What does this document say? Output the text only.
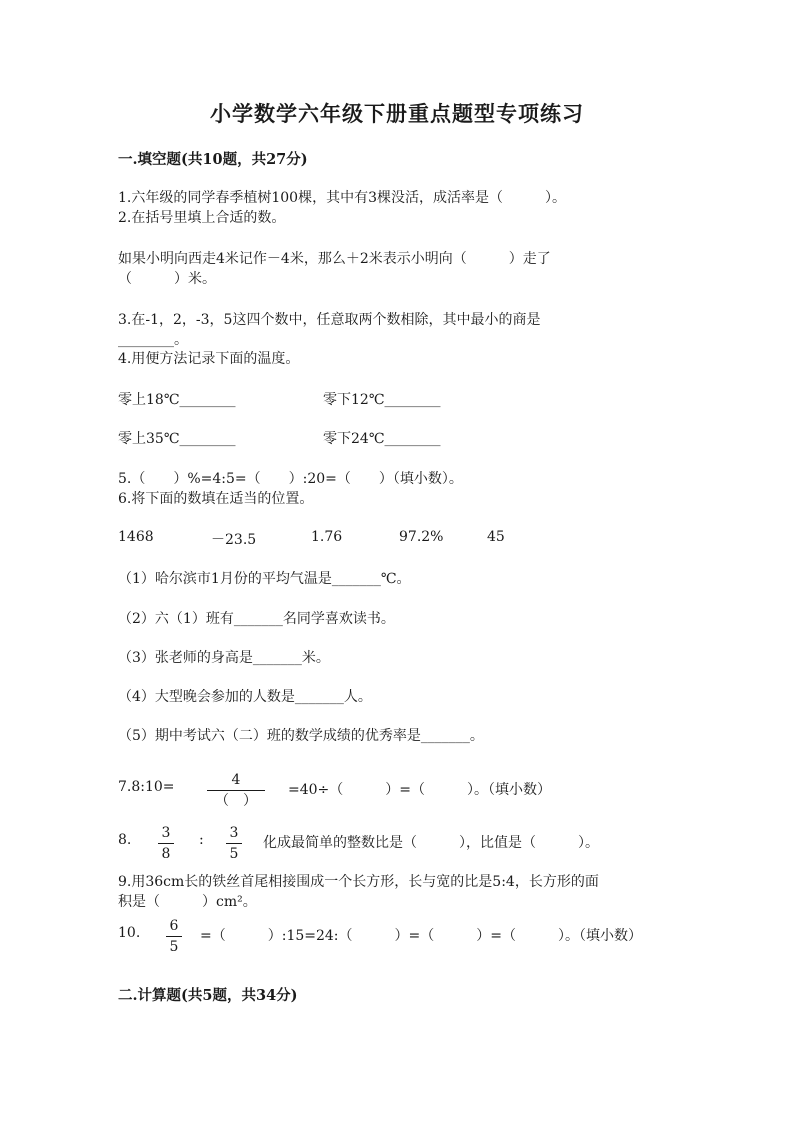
小学数学六年级下册重点题型专项练习
一.填空题(共10题，共27分)
1.六年级的同学春季植树100棵，其中有3棵没活，成活率是（　　　）。
2.在括号里填上合适的数。
如果小明向西走4米记作－4米，那么＋2米表示小明向（　　　）走了
（　　　）米。
3.在-1，2，-3，5这四个数中，任意取两个数相除，其中最小的商是
________。
4.用便方法记录下面的温度。
零上18℃________	零下12℃________
零上35℃________	零下24℃________
5.（　　）%=4:5=（　　）:20=（　　）（填小数）。
6.将下面的数填在适当的位置。
1468	－23.5	1.76	97.2%	45
（1）哈尔滨市1月份的平均气温是_______℃。
（2）六（1）班有_______名同学喜欢读书。
（3）张老师的身高是_______米。
（4）大型晚会参加的人数是_______人。
（5）期中考试六（二）班的数学成绩的优秀率是_______。
7.8:10=	4
（　）
=40÷（　　　）=（　　　）。（填小数）
8. 3
8
: 3
5
化成最简单的整数比是（　　　），比值是（　　　）。
9.用36cm长的铁丝首尾相接围成一个长方形，长与宽的比是5:4，长方形的面
积是（　　　）cm²。
10. 6
5
=（　　　）:15=24:（　　　）=（　　　）=（　　　）。（填小数）
二.计算题(共5题，共34分)
